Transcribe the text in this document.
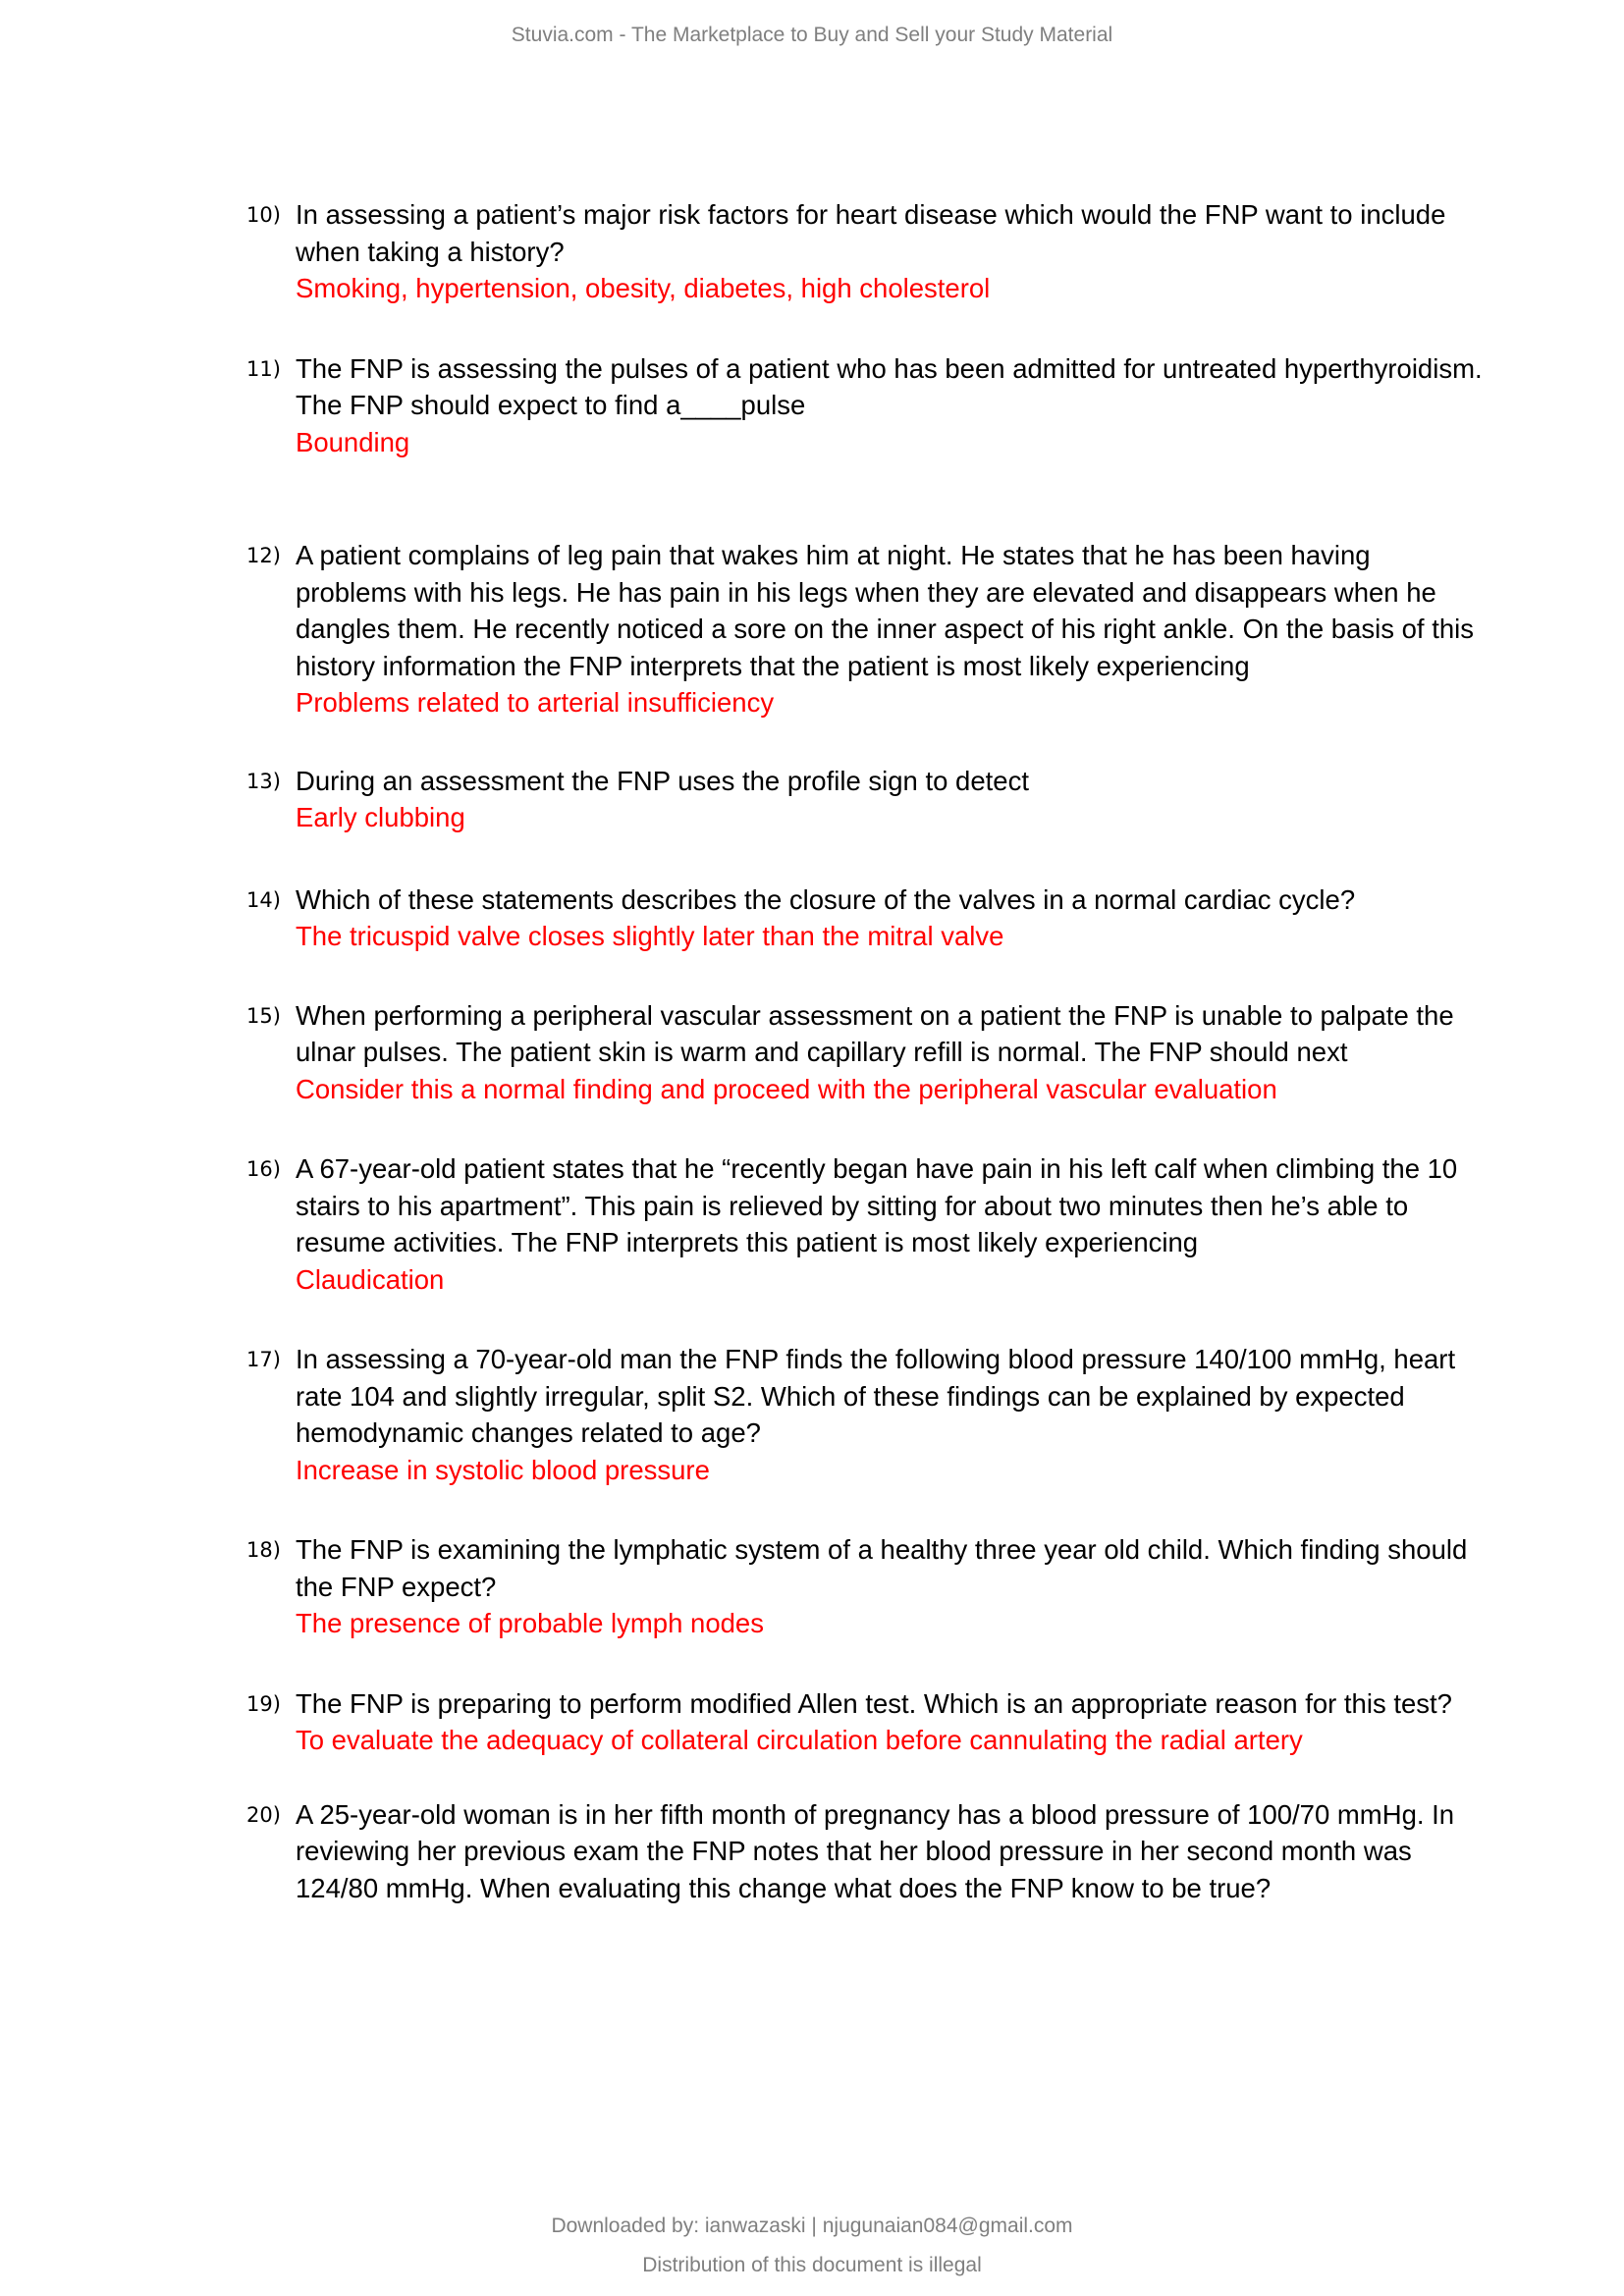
Stuvia.com - The Marketplace to Buy and Sell your Study Material
10) In assessing a patient’s major risk factors for heart disease which would the FNP want to include when taking a history?
Smoking, hypertension, obesity, diabetes, high cholesterol
11) The FNP is assessing the pulses of a patient who has been admitted for untreated hyperthyroidism. The FNP should expect to find a____pulse
Bounding
12) A patient complains of leg pain that wakes him at night. He states that he has been having problems with his legs. He has pain in his legs when they are elevated and disappears when he dangles them. He recently noticed a sore on the inner aspect of his right ankle. On the basis of this history information the FNP interprets that the patient is most likely experiencing
Problems related to arterial insufficiency
13) During an assessment the FNP uses the profile sign to detect
Early clubbing
14) Which of these statements describes the closure of the valves in a normal cardiac cycle?
The tricuspid valve closes slightly later than the mitral valve
15) When performing a peripheral vascular assessment on a patient the FNP is unable to palpate the ulnar pulses. The patient skin is warm and capillary refill is normal. The FNP should next
Consider this a normal finding and proceed with the peripheral vascular evaluation
16) A 67-year-old patient states that he “recently began have pain in his left calf when climbing the 10 stairs to his apartment”. This pain is relieved by sitting for about two minutes then he’s able to resume activities. The FNP interprets this patient is most likely experiencing
Claudication
17) In assessing a 70-year-old man the FNP finds the following blood pressure 140/100 mmHg, heart rate 104 and slightly irregular, split S2. Which of these findings can be explained by expected hemodynamic changes related to age?
Increase in systolic blood pressure
18) The FNP is examining the lymphatic system of a healthy three year old child. Which finding should the FNP expect?
The presence of probable lymph nodes
19) The FNP is preparing to perform modified Allen test. Which is an appropriate reason for this test?
To evaluate the adequacy of collateral circulation before cannulating the radial artery
20) A 25-year-old woman is in her fifth month of pregnancy has a blood pressure of 100/70 mmHg. In reviewing her previous exam the FNP notes that her blood pressure in her second month was 124/80 mmHg. When evaluating this change what does the FNP know to be true?
Downloaded by: ianwazaski | njugunaian084@gmail.com
Distribution of this document is illegal
